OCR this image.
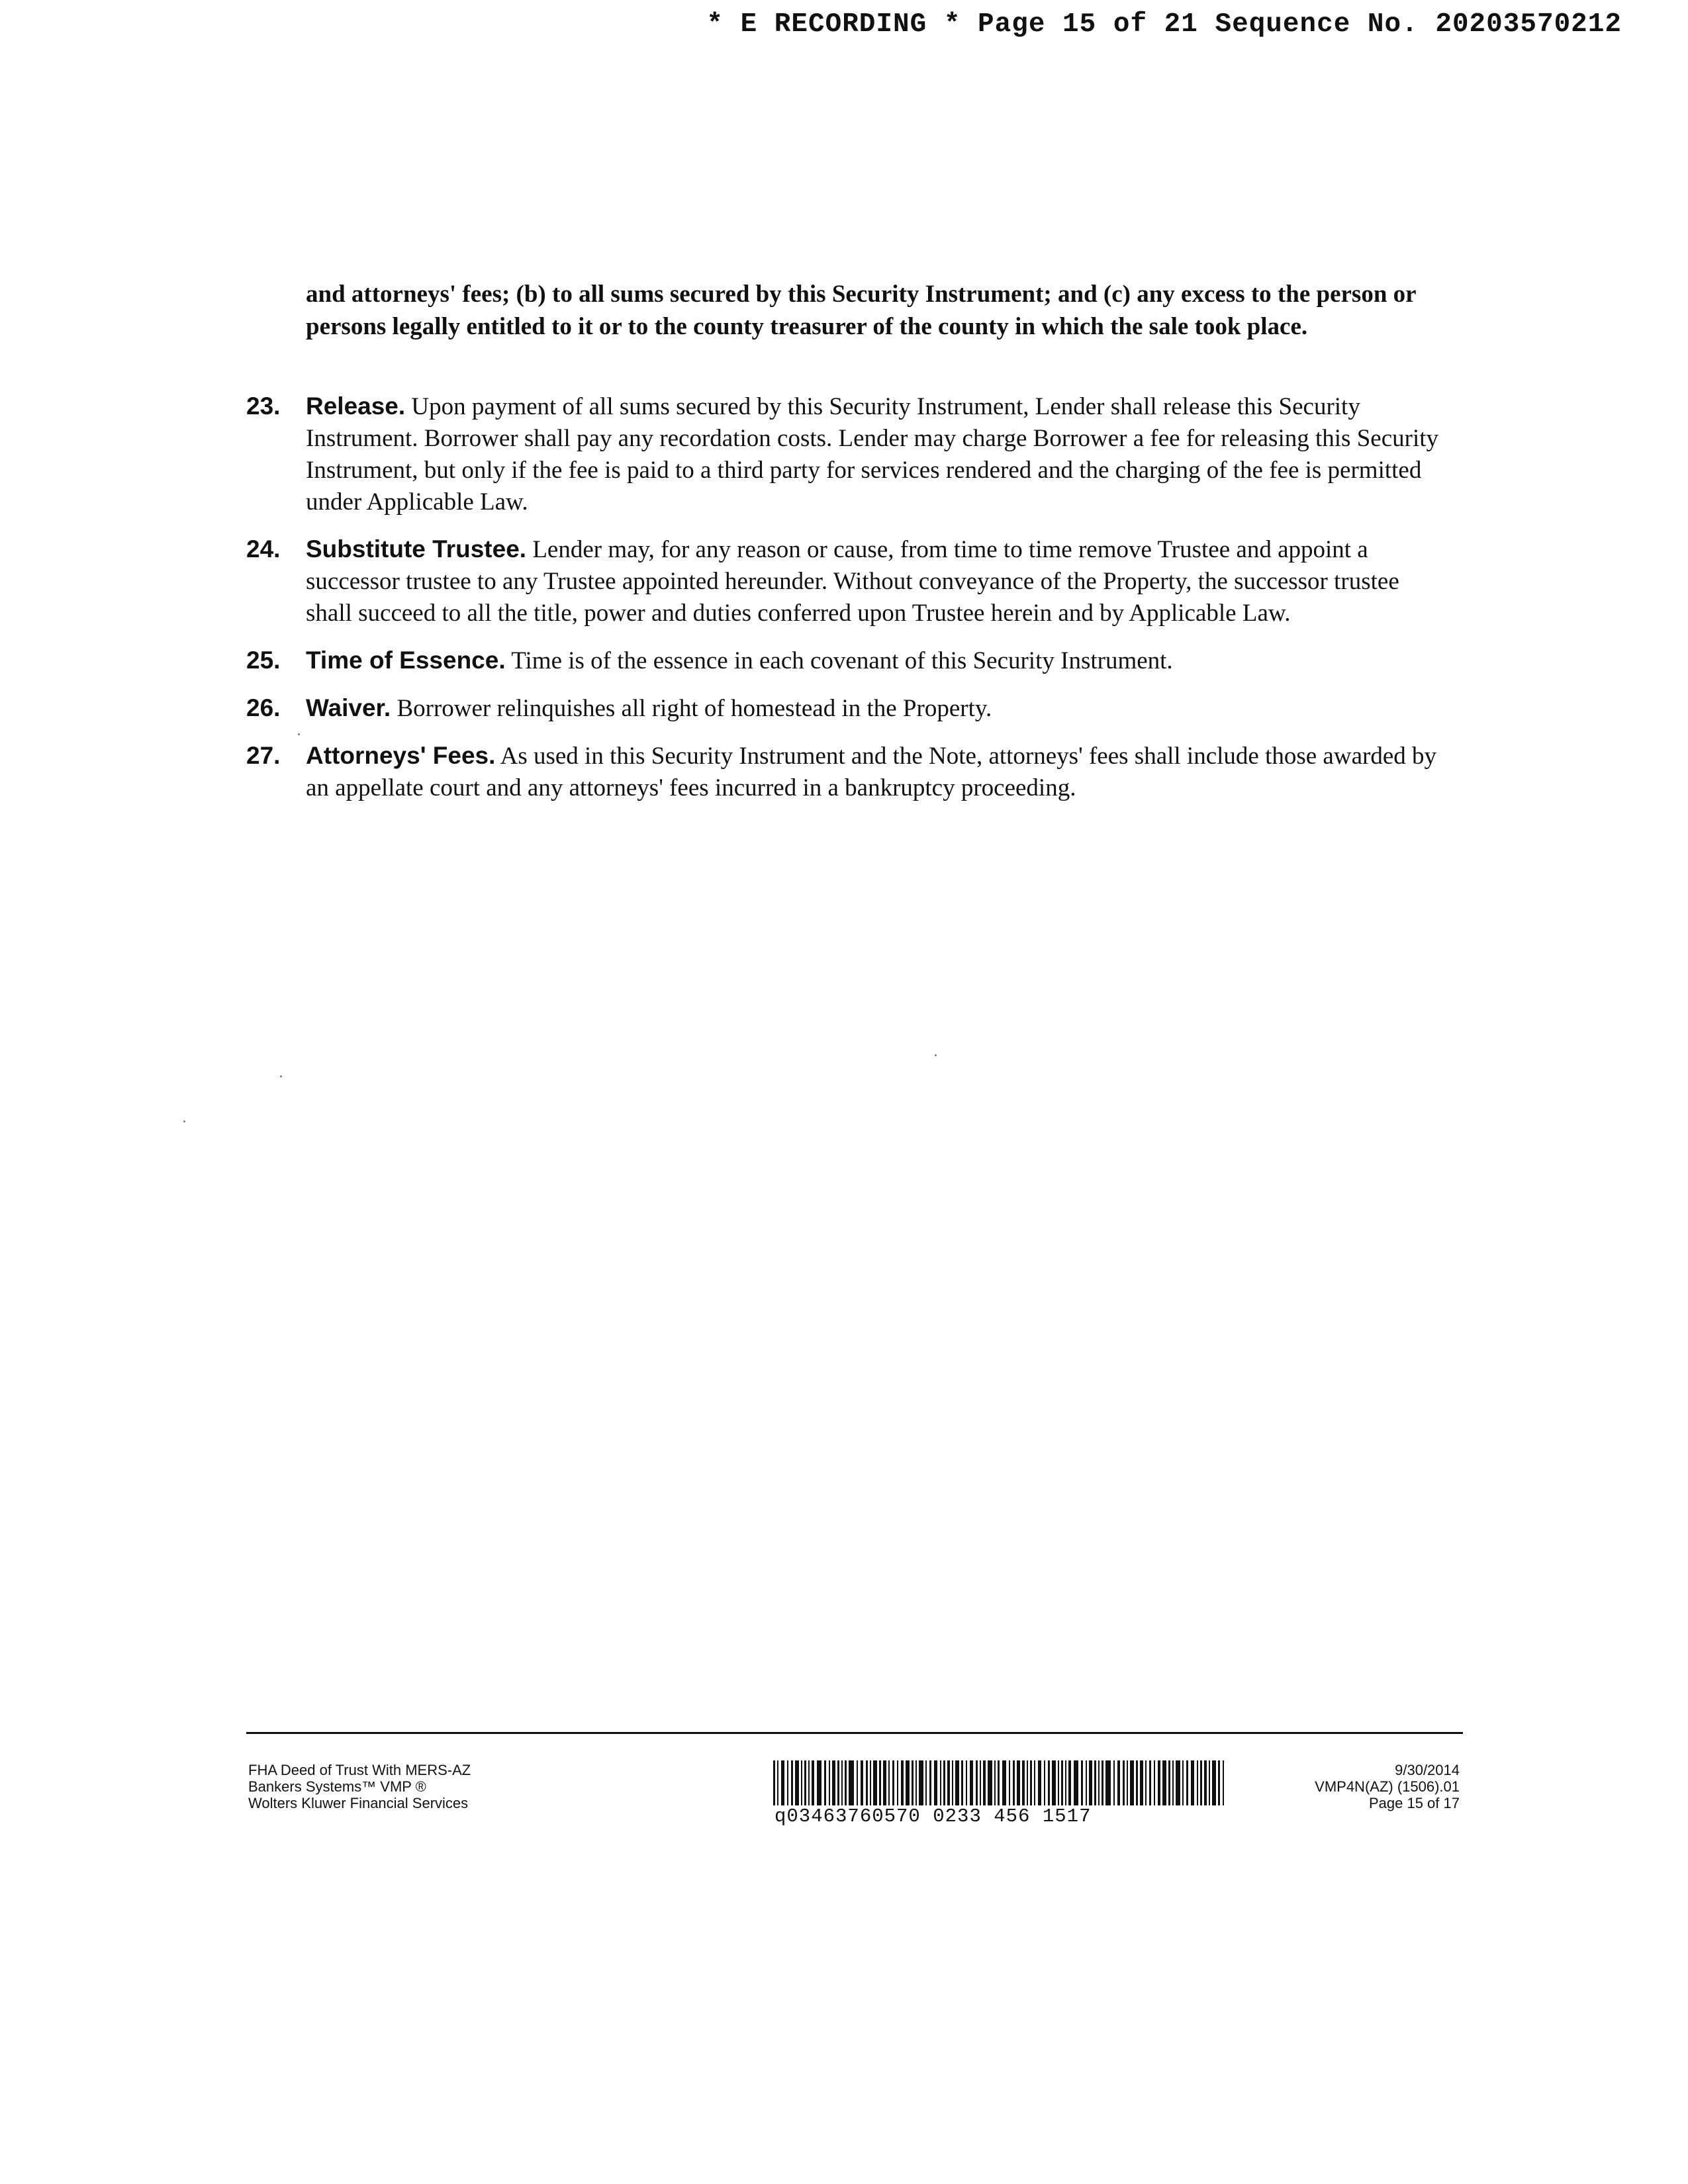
* E RECORDING * Page 15 of 21 Sequence No. 20203570212
and attorneys' fees; (b) to all sums secured by this Security Instrument; and (c) any excess to the person or persons legally entitled to it or to the county treasurer of the county in which the sale took place.
23. Release. Upon payment of all sums secured by this Security Instrument, Lender shall release this Security Instrument. Borrower shall pay any recordation costs. Lender may charge Borrower a fee for releasing this Security Instrument, but only if the fee is paid to a third party for services rendered and the charging of the fee is permitted under Applicable Law.
24. Substitute Trustee. Lender may, for any reason or cause, from time to time remove Trustee and appoint a successor trustee to any Trustee appointed hereunder. Without conveyance of the Property, the successor trustee shall succeed to all the title, power and duties conferred upon Trustee herein and by Applicable Law.
25. Time of Essence. Time is of the essence in each covenant of this Security Instrument.
26. Waiver. Borrower relinquishes all right of homestead in the Property.
27. Attorneys' Fees. As used in this Security Instrument and the Note, attorneys' fees shall include those awarded by an appellate court and any attorneys' fees incurred in a bankruptcy proceeding.
FHA Deed of Trust With MERS-AZ
Bankers Systems™ VMP ®
Wolters Kluwer Financial Services
q03463760570 0233 456 1517
9/30/2014
VMP4N(AZ) (1506).01
Page 15 of 17
